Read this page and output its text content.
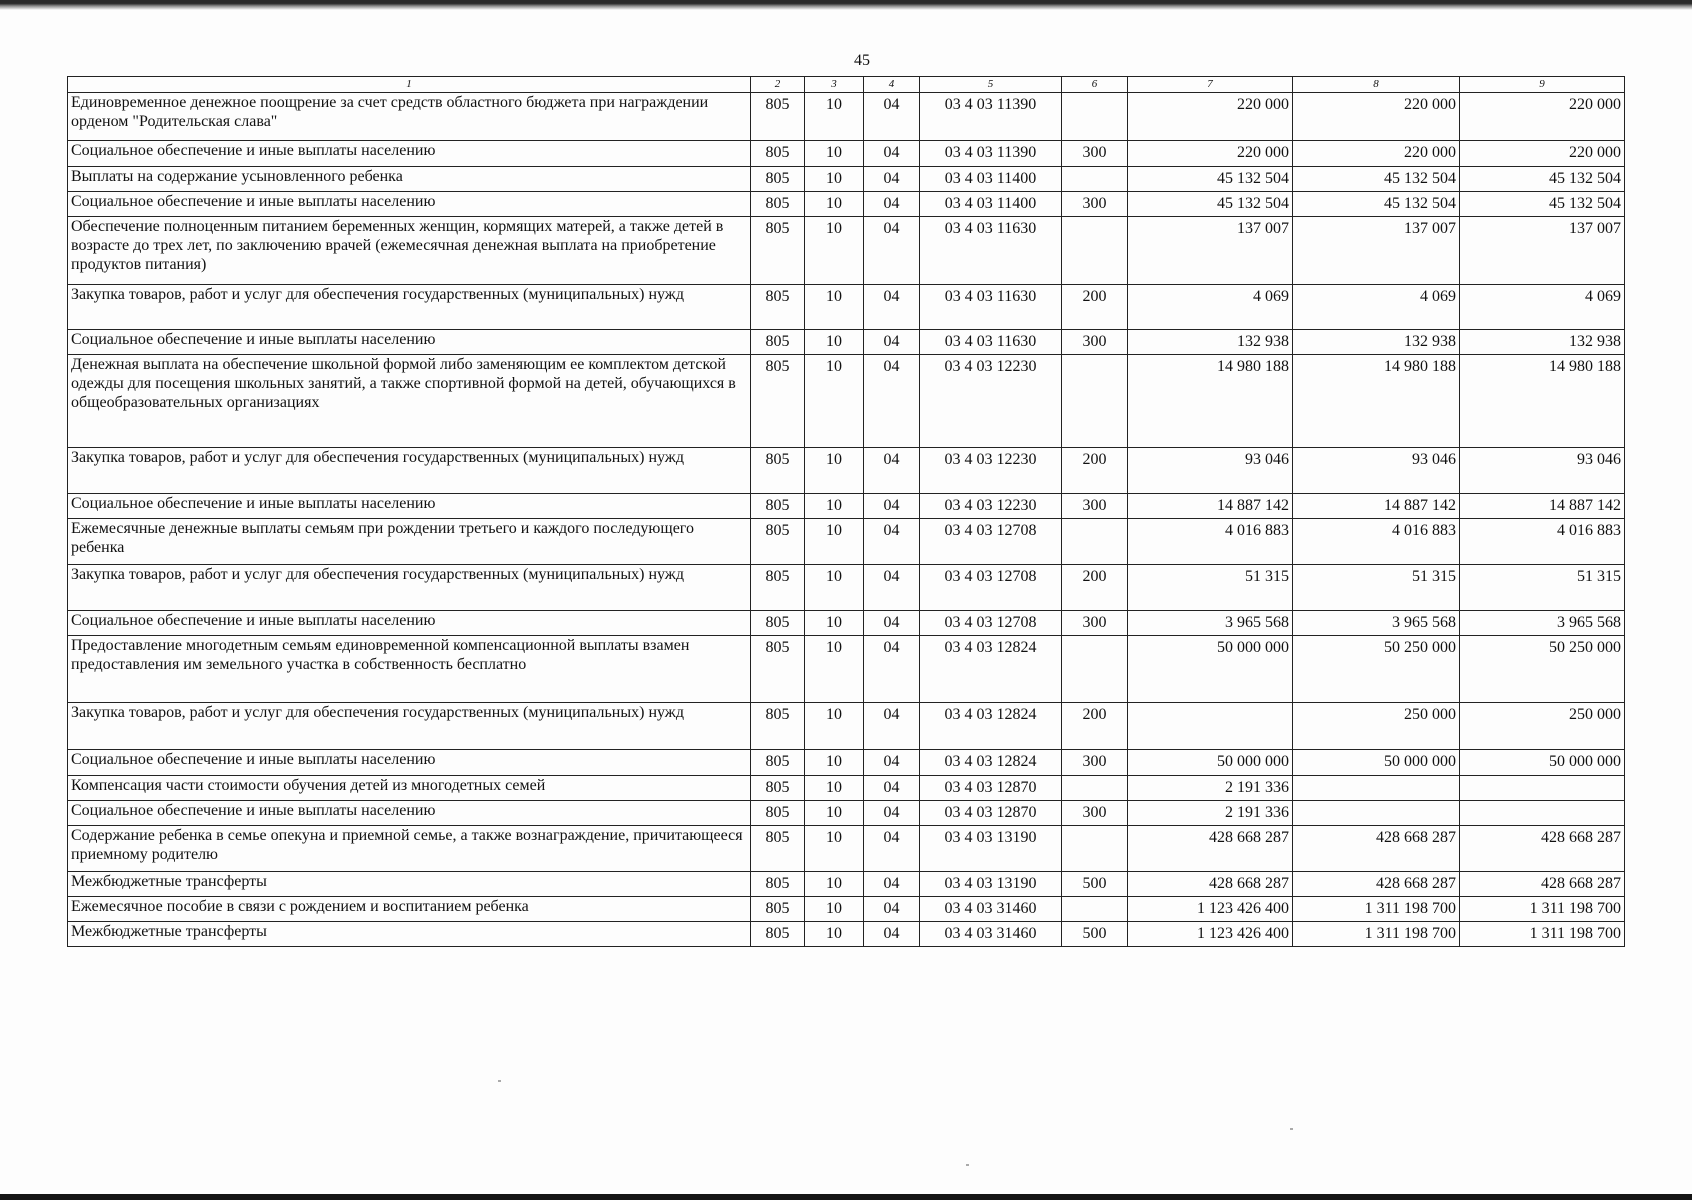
45
1	2	3	4	5	6	7	8	9
Единовременное денежное поощрение за счет средств областного бюджета при награждении орденом "Родительская слава"	805	10	04	03 4 03 11390		220 000	220 000	220 000
Социальное обеспечение и иные выплаты населению	805	10	04	03 4 03 11390	300	220 000	220 000	220 000
Выплаты на содержание усыновленного ребенка	805	10	04	03 4 03 11400		45 132 504	45 132 504	45 132 504
Социальное обеспечение и иные выплаты населению	805	10	04	03 4 03 11400	300	45 132 504	45 132 504	45 132 504
Обеспечение полноценным питанием беременных женщин, кормящих матерей, а также детей в возрасте до трех лет, по заключению врачей (ежемесячная денежная выплата на приобретение продуктов питания)	805	10	04	03 4 03 11630		137 007	137 007	137 007
Закупка товаров, работ и услуг для обеспечения государственных (муниципальных) нужд	805	10	04	03 4 03 11630	200	4 069	4 069	4 069
Социальное обеспечение и иные выплаты населению	805	10	04	03 4 03 11630	300	132 938	132 938	132 938
Денежная выплата на обеспечение школьной формой либо заменяющим ее комплектом детской одежды для посещения школьных занятий, а также спортивной формой на детей, обучающихся в общеобразовательных организациях	805	10	04	03 4 03 12230		14 980 188	14 980 188	14 980 188
Закупка товаров, работ и услуг для обеспечения государственных (муниципальных) нужд	805	10	04	03 4 03 12230	200	93 046	93 046	93 046
Социальное обеспечение и иные выплаты населению	805	10	04	03 4 03 12230	300	14 887 142	14 887 142	14 887 142
Ежемесячные денежные выплаты семьям при рождении третьего и каждого последующего ребенка	805	10	04	03 4 03 12708		4 016 883	4 016 883	4 016 883
Закупка товаров, работ и услуг для обеспечения государственных (муниципальных) нужд	805	10	04	03 4 03 12708	200	51 315	51 315	51 315
Социальное обеспечение и иные выплаты населению	805	10	04	03 4 03 12708	300	3 965 568	3 965 568	3 965 568
Предоставление многодетным семьям единовременной компенсационной выплаты взамен предоставления им земельного участка в собственность бесплатно	805	10	04	03 4 03 12824		50 000 000	50 250 000	50 250 000
Закупка товаров, работ и услуг для обеспечения государственных (муниципальных) нужд	805	10	04	03 4 03 12824	200		250 000	250 000
Социальное обеспечение и иные выплаты населению	805	10	04	03 4 03 12824	300	50 000 000	50 000 000	50 000 000
Компенсация части стоимости обучения детей из многодетных семей	805	10	04	03 4 03 12870		2 191 336		
Социальное обеспечение и иные выплаты населению	805	10	04	03 4 03 12870	300	2 191 336		
Содержание ребенка в семье опекуна и приемной семье, а также вознаграждение, причитающееся приемному родителю	805	10	04	03 4 03 13190		428 668 287	428 668 287	428 668 287
Межбюджетные трансферты	805	10	04	03 4 03 13190	500	428 668 287	428 668 287	428 668 287
Ежемесячное пособие в связи с рождением и воспитанием ребенка	805	10	04	03 4 03 31460		1 123 426 400	1 311 198 700	1 311 198 700
Межбюджетные трансферты	805	10	04	03 4 03 31460	500	1 123 426 400	1 311 198 700	1 311 198 700
